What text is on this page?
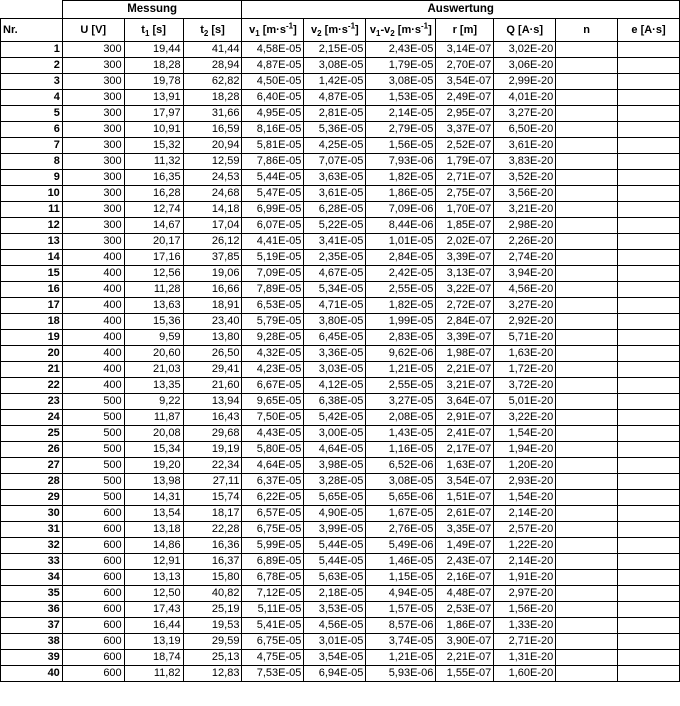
	Messung			Auswertung						
Nr.	U [V]	$t_1$ [s]	$t_2$ [s]	$v_1$ $[m\cdot s^{-1}]$	$v_2$ $[m\cdot s^{-1}]$	$v_1-v_2$ $[m\cdot s^{-1}]$	r [m]	Q [A·s]	n	e [A·s]
1	300	19,44	41,44	4,58E-05	2,15E-05	2,43E-05	3,14E-07	3,02E-20		
2	300	18,28	28,94	4,87E-05	3,08E-05	1,79E-05	2,70E-07	3,06E-20		
3	300	19,78	62,82	4,50E-05	1,42E-05	3,08E-05	3,54E-07	2,99E-20		
4	300	13,91	18,28	6,40E-05	4,87E-05	1,53E-05	2,49E-07	4,01E-20		
5	300	17,97	31,66	4,95E-05	2,81E-05	2,14E-05	2,95E-07	3,27E-20		
6	300	10,91	16,59	8,16E-05	5,36E-05	2,79E-05	3,37E-07	6,50E-20		
7	300	15,32	20,94	5,81E-05	4,25E-05	1,56E-05	2,52E-07	3,61E-20		
8	300	11,32	12,59	7,86E-05	7,07E-05	7,93E-06	1,79E-07	3,83E-20		
9	300	16,35	24,53	5,44E-05	3,63E-05	1,82E-05	2,71E-07	3,52E-20		
10	300	16,28	24,68	5,47E-05	3,61E-05	1,86E-05	2,75E-07	3,56E-20		
11	300	12,74	14,18	6,99E-05	6,28E-05	7,09E-06	1,70E-07	3,21E-20		
12	300	14,67	17,04	6,07E-05	5,22E-05	8,44E-06	1,85E-07	2,98E-20		
13	300	20,17	26,12	4,41E-05	3,41E-05	1,01E-05	2,02E-07	2,26E-20		
14	400	17,16	37,85	5,19E-05	2,35E-05	2,84E-05	3,39E-07	2,74E-20		
15	400	12,56	19,06	7,09E-05	4,67E-05	2,42E-05	3,13E-07	3,94E-20		
16	400	11,28	16,66	7,89E-05	5,34E-05	2,55E-05	3,22E-07	4,56E-20		
17	400	13,63	18,91	6,53E-05	4,71E-05	1,82E-05	2,72E-07	3,27E-20		
18	400	15,36	23,40	5,79E-05	3,80E-05	1,99E-05	2,84E-07	2,92E-20		
19	400	9,59	13,80	9,28E-05	6,45E-05	2,83E-05	3,39E-07	5,71E-20		
20	400	20,60	26,50	4,32E-05	3,36E-05	9,62E-06	1,98E-07	1,63E-20		
21	400	21,03	29,41	4,23E-05	3,03E-05	1,21E-05	2,21E-07	1,72E-20		
22	400	13,35	21,60	6,67E-05	4,12E-05	2,55E-05	3,21E-07	3,72E-20		
23	500	9,22	13,94	9,65E-05	6,38E-05	3,27E-05	3,64E-07	5,01E-20		
24	500	11,87	16,43	7,50E-05	5,42E-05	2,08E-05	2,91E-07	3,22E-20		
25	500	20,08	29,68	4,43E-05	3,00E-05	1,43E-05	2,41E-07	1,54E-20		
26	500	15,34	19,19	5,80E-05	4,64E-05	1,16E-05	2,17E-07	1,94E-20		
27	500	19,20	22,34	4,64E-05	3,98E-05	6,52E-06	1,63E-07	1,20E-20		
28	500	13,98	27,11	6,37E-05	3,28E-05	3,08E-05	3,54E-07	2,93E-20		
29	500	14,31	15,74	6,22E-05	5,65E-05	5,65E-06	1,51E-07	1,54E-20		
30	600	13,54	18,17	6,57E-05	4,90E-05	1,67E-05	2,61E-07	2,14E-20		
31	600	13,18	22,28	6,75E-05	3,99E-05	2,76E-05	3,35E-07	2,57E-20		
32	600	14,86	16,36	5,99E-05	5,44E-05	5,49E-06	1,49E-07	1,22E-20		
33	600	12,91	16,37	6,89E-05	5,44E-05	1,46E-05	2,43E-07	2,14E-20		
34	600	13,13	15,80	6,78E-05	5,63E-05	1,15E-05	2,16E-07	1,91E-20		
35	600	12,50	40,82	7,12E-05	2,18E-05	4,94E-05	4,48E-07	2,97E-20		
36	600	17,43	25,19	5,11E-05	3,53E-05	1,57E-05	2,53E-07	1,56E-20		
37	600	16,44	19,53	5,41E-05	4,56E-05	8,57E-06	1,86E-07	1,33E-20		
38	600	13,19	29,59	6,75E-05	3,01E-05	3,74E-05	3,90E-07	2,71E-20		
39	600	18,74	25,13	4,75E-05	3,54E-05	1,21E-05	2,21E-07	1,31E-20		
40	600	11,82	12,83	7,53E-05	6,94E-05	5,93E-06	1,55E-07	1,60E-20		
